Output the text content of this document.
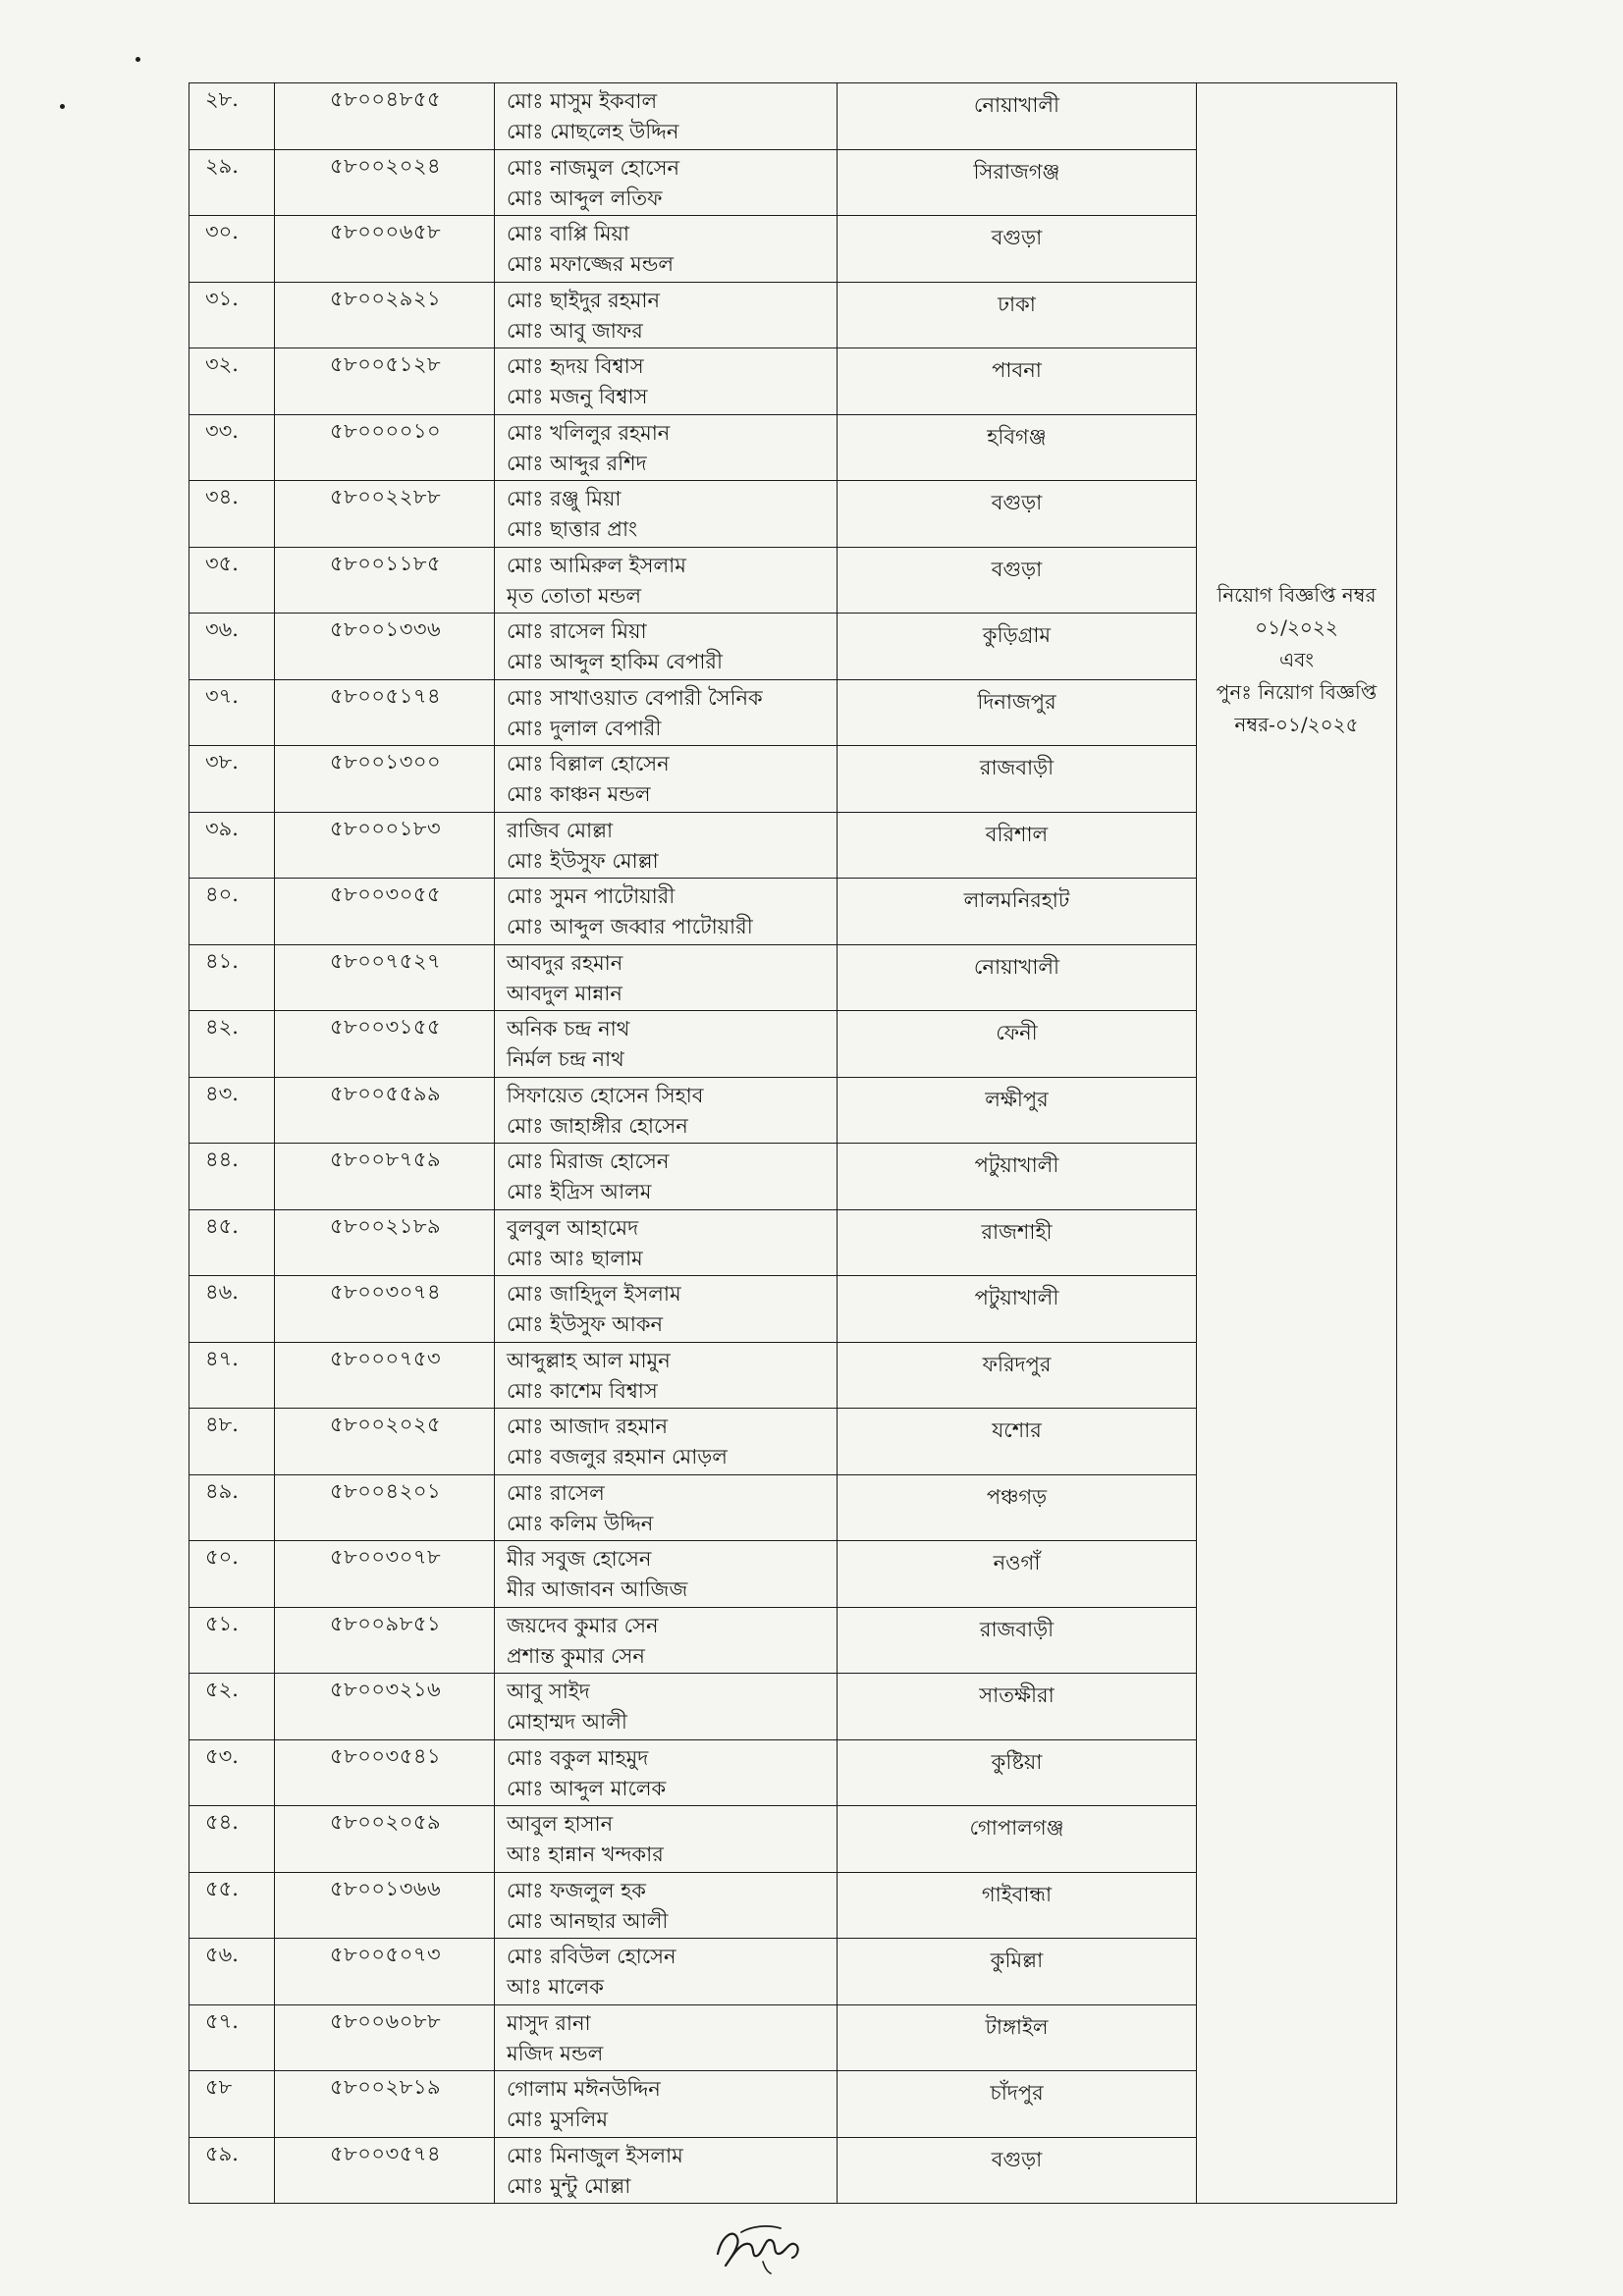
২৮.	৫৮০০৪৮৫৫	মোঃ মাসুম ইকবাল
মোঃ মোছলেহ উদ্দিন	নোয়াখালী

২৯.	৫৮০০২০২৪	মোঃ নাজমুল হোসেন
মোঃ আব্দুল লতিফ	সিরাজগঞ্জ

৩০.	৫৮০০০৬৫৮	মোঃ বাপ্পি মিয়া
মোঃ মফাজ্জের মন্ডল	বগুড়া

৩১.	৫৮০০২৯২১	মোঃ ছাইদুর রহমান
মোঃ আবু জাফর	ঢাকা

৩২.	৫৮০০৫১২৮	মোঃ হৃদয় বিশ্বাস
মোঃ মজনু বিশ্বাস	পাবনা

৩৩.	৫৮০০০০১০	মোঃ খলিলুর রহমান
মোঃ আব্দুর রশিদ	হবিগঞ্জ

৩৪.	৫৮০০২২৮৮	মোঃ রঞ্জু মিয়া
মোঃ ছাত্তার প্রাং	বগুড়া

৩৫.	৫৮০০১১৮৫	মোঃ আমিরুল ইসলাম
মৃত তোতা মন্ডল	বগুড়া

৩৬.	৫৮০০১৩৩৬	মোঃ রাসেল মিয়া
মোঃ আব্দুল হাকিম বেপারী	কুড়িগ্রাম

৩৭.	৫৮০০৫১৭৪	মোঃ সাখাওয়াত বেপারী সৈনিক
মোঃ দুলাল বেপারী	দিনাজপুর

৩৮.	৫৮০০১৩০০	মোঃ বিল্লাল হোসেন
মোঃ কাঞ্চন মন্ডল	রাজবাড়ী

৩৯.	৫৮০০০১৮৩	রাজিব মোল্লা
মোঃ ইউসুফ মোল্লা	বরিশাল

৪০.	৫৮০০৩০৫৫	মোঃ সুমন পাটোয়ারী
মোঃ আব্দুল জব্বার পাটোয়ারী	লালমনিরহাট

৪১.	৫৮০০৭৫২৭	আবদুর রহমান
আবদুল মান্নান	নোয়াখালী

৪২.	৫৮০০৩১৫৫	অনিক চন্দ্র নাথ
নির্মল চন্দ্র নাথ	ফেনী

৪৩.	৫৮০০৫৫৯৯	সিফায়েত হোসেন সিহাব
মোঃ জাহাঙ্গীর হোসেন	লক্ষীপুর

৪৪.	৫৮০০৮৭৫৯	মোঃ মিরাজ হোসেন
মোঃ ইদ্রিস আলম	পটুয়াখালী

৪৫.	৫৮০০২১৮৯	বুলবুল আহামেদ
মোঃ আঃ ছালাম	রাজশাহী

৪৬.	৫৮০০৩০৭৪	মোঃ জাহিদুল ইসলাম
মোঃ ইউসুফ আকন	পটুয়াখালী

৪৭.	৫৮০০০৭৫৩	আব্দুল্লাহ আল মামুন
মোঃ কাশেম বিশ্বাস	ফরিদপুর

৪৮.	৫৮০০২০২৫	মোঃ আজাদ রহমান
মোঃ বজলুর রহমান মোড়ল	যশোর

৪৯.	৫৮০০৪২০১	মোঃ রাসেল
মোঃ কলিম উদ্দিন	পঞ্চগড়

৫০.	৫৮০০৩০৭৮	মীর সবুজ হোসেন
মীর আজাবন আজিজ	নওগাঁ

৫১.	৫৮০০৯৮৫১	জয়দেব কুমার সেন
প্রশান্ত কুমার সেন	রাজবাড়ী

৫২.	৫৮০০৩২১৬	আবু সাইদ
মোহাম্মদ আলী	সাতক্ষীরা

৫৩.	৫৮০০৩৫৪১	মোঃ বকুল মাহমুদ
মোঃ আব্দুল মালেক	কুষ্টিয়া

৫৪.	৫৮০০২০৫৯	আবুল হাসান
আঃ হান্নান খন্দকার	গোপালগঞ্জ

৫৫.	৫৮০০১৩৬৬	মোঃ ফজলুল হক
মোঃ আনছার আলী	গাইবান্ধা

৫৬.	৫৮০০৫০৭৩	মোঃ রবিউল হোসেন
আঃ মালেক	কুমিল্লা

৫৭.	৫৮০০৬০৮৮	মাসুদ রানা
মজিদ মন্ডল	টাঙ্গাইল

৫৮	৫৮০০২৮১৯	গোলাম মঈনউদ্দিন
মোঃ মুসলিম	চাঁদপুর

৫৯.	৫৮০০৩৫৭৪	মোঃ মিনাজুল ইসলাম
মোঃ মুন্টু মোল্লা	বগুড়া
নিয়োগ বিজ্ঞপ্তি নম্বর
০১/২০২২
এবং
পুনঃ নিয়োগ বিজ্ঞপ্তি
নম্বর-০১/২০২৫
